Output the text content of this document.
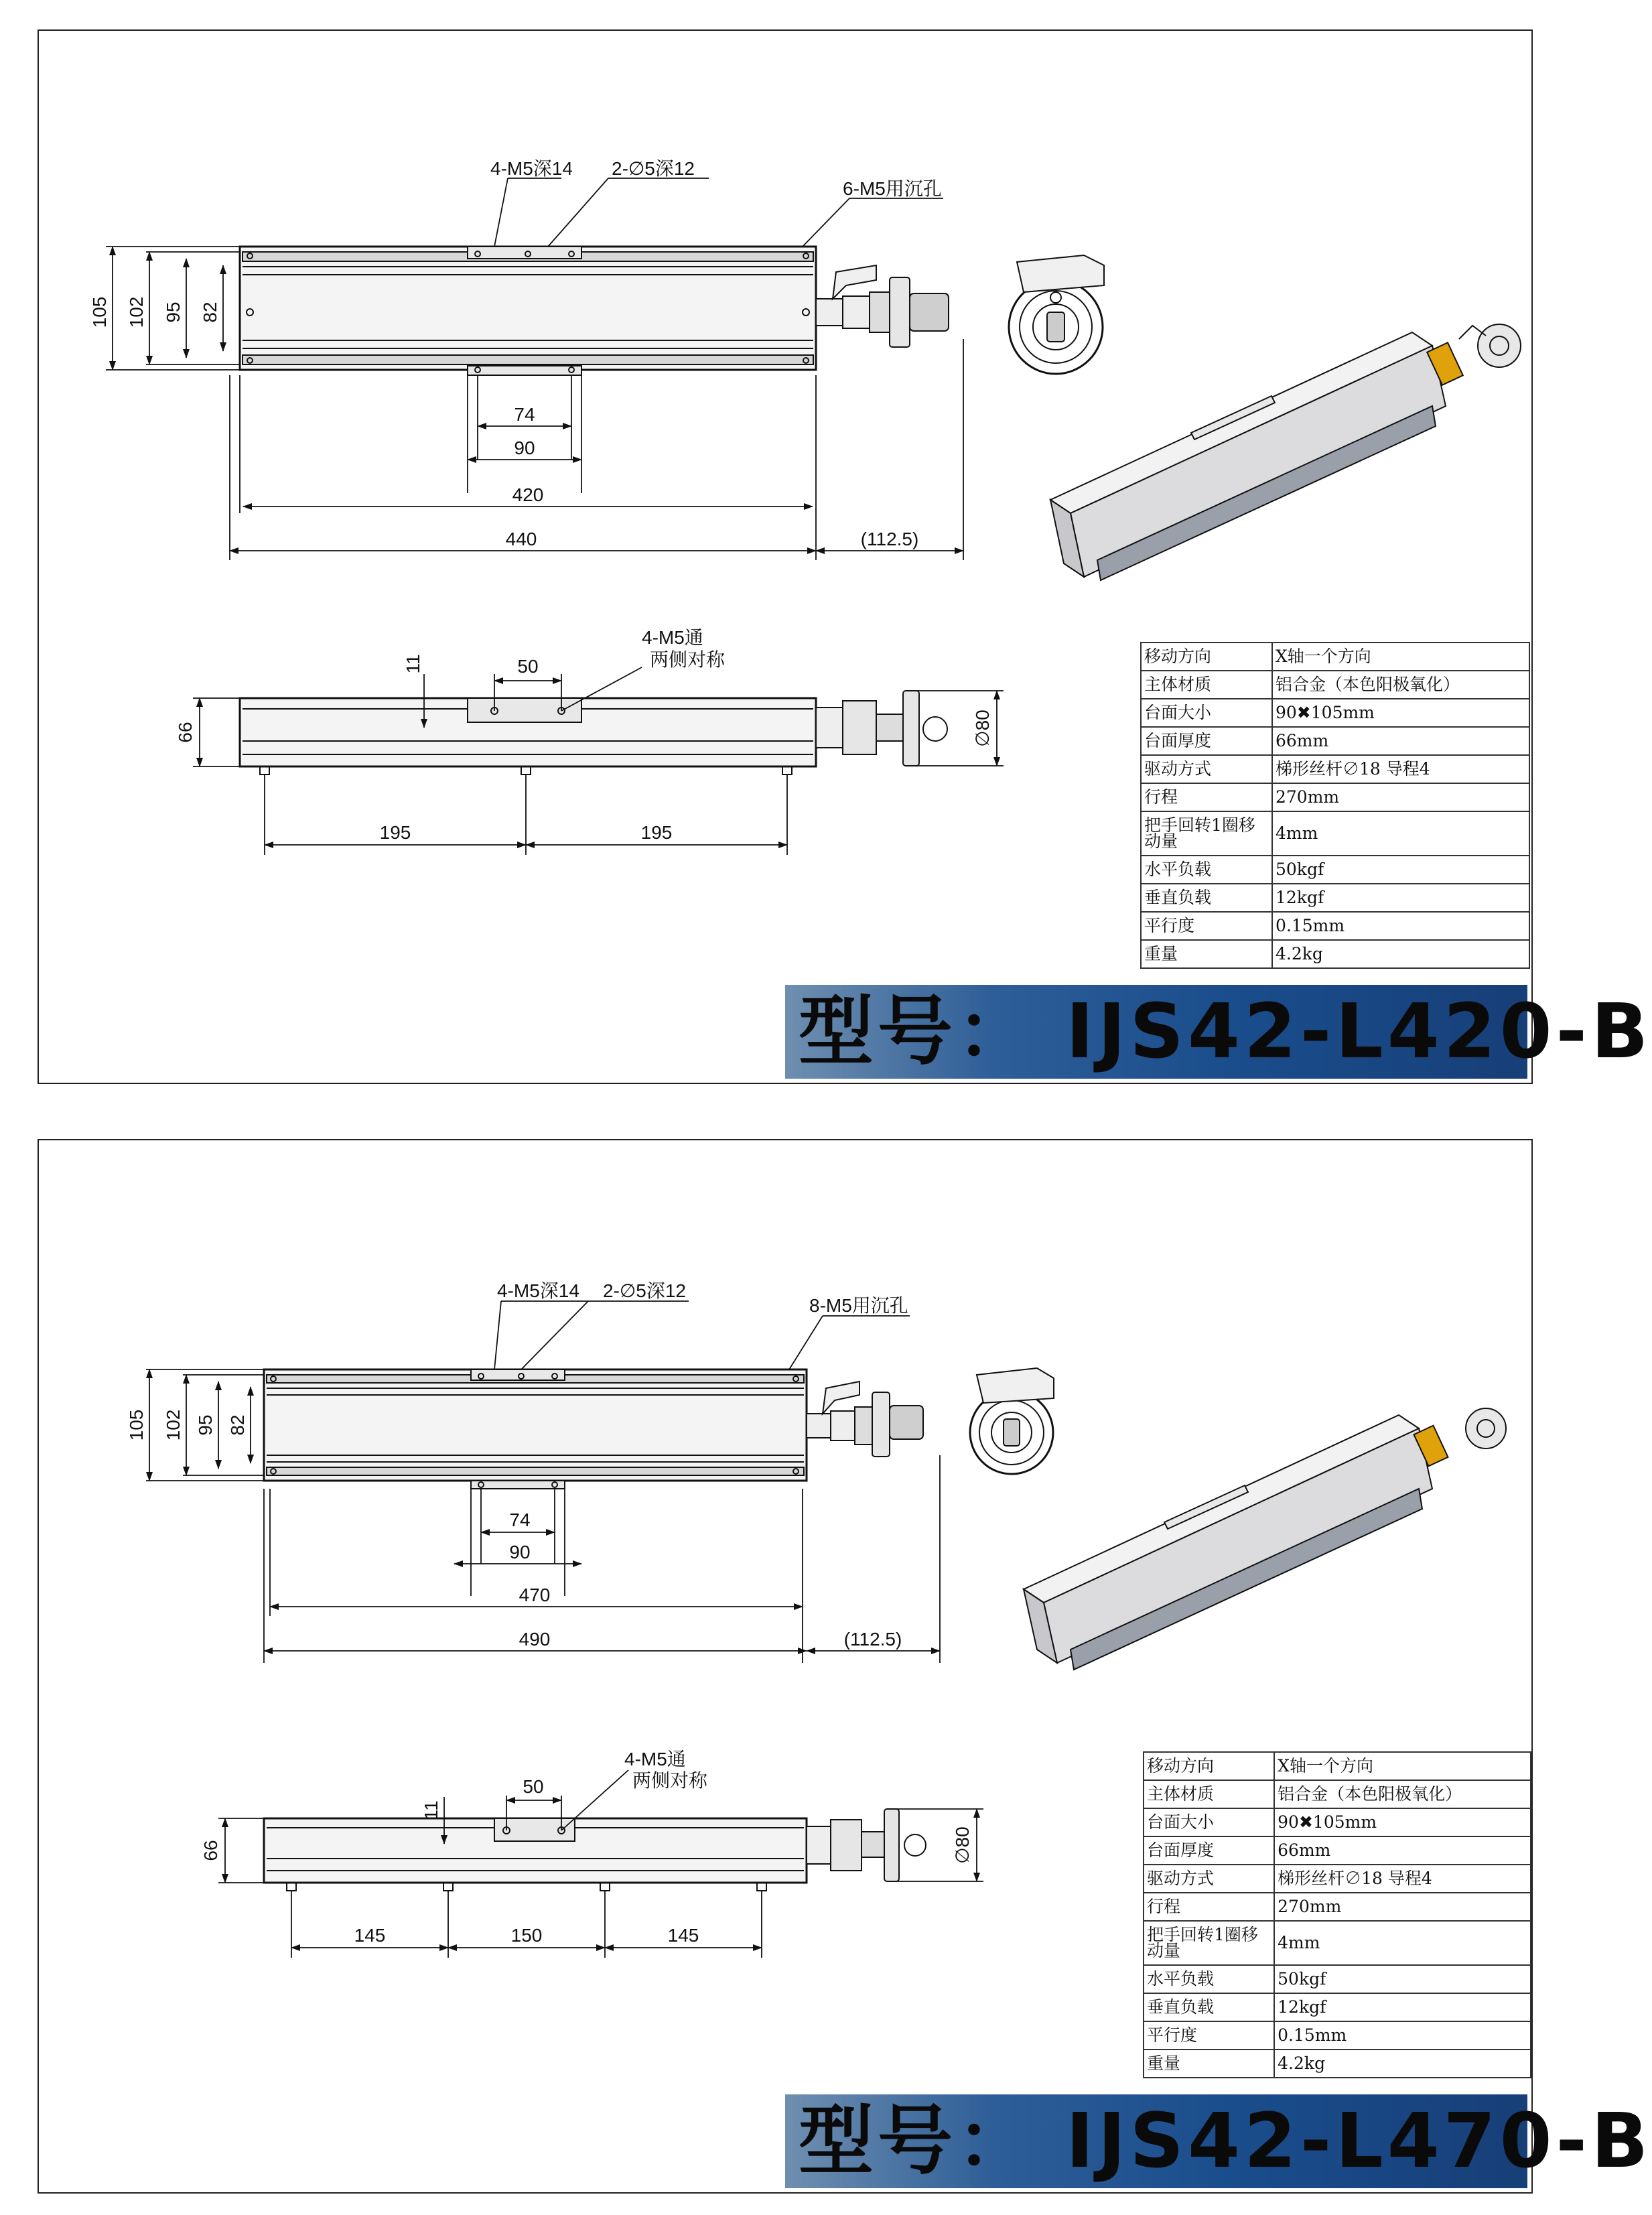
4-M5深14 2-∅5深12
6-M5用沉孔
105 102 95 82
74
90
420
440	(112.5)
4-M5通
两侧对称
50
11
66
195	195
∅80
移动方向	X轴一个方向
主体材质	铝合金（本色阳极氧化）
台面大小	90✖105mm
台面厚度	66mm
驱动方式	梯形丝杆∅18 导程4
行程	270mm
把手回转1圈移动量	4mm
水平负载	50kgf
垂直负载	12kgf
平行度	0.15mm
重量	4.2kg
型号： IJS42-L420-B
4-M5深14 2-∅5深12
8-M5用沉孔
105 102 95 82
74
90
470
490	(112.5)
4-M5通
两侧对称
50
11
66
145	150	145
∅80
移动方向	X轴一个方向
主体材质	铝合金（本色阳极氧化）
台面大小	90✖105mm
台面厚度	66mm
驱动方式	梯形丝杆∅18 导程4
行程	270mm
把手回转1圈移动量	4mm
水平负载	50kgf
垂直负载	12kgf
平行度	0.15mm
重量	4.2kg
型号： IJS42-L470-B
